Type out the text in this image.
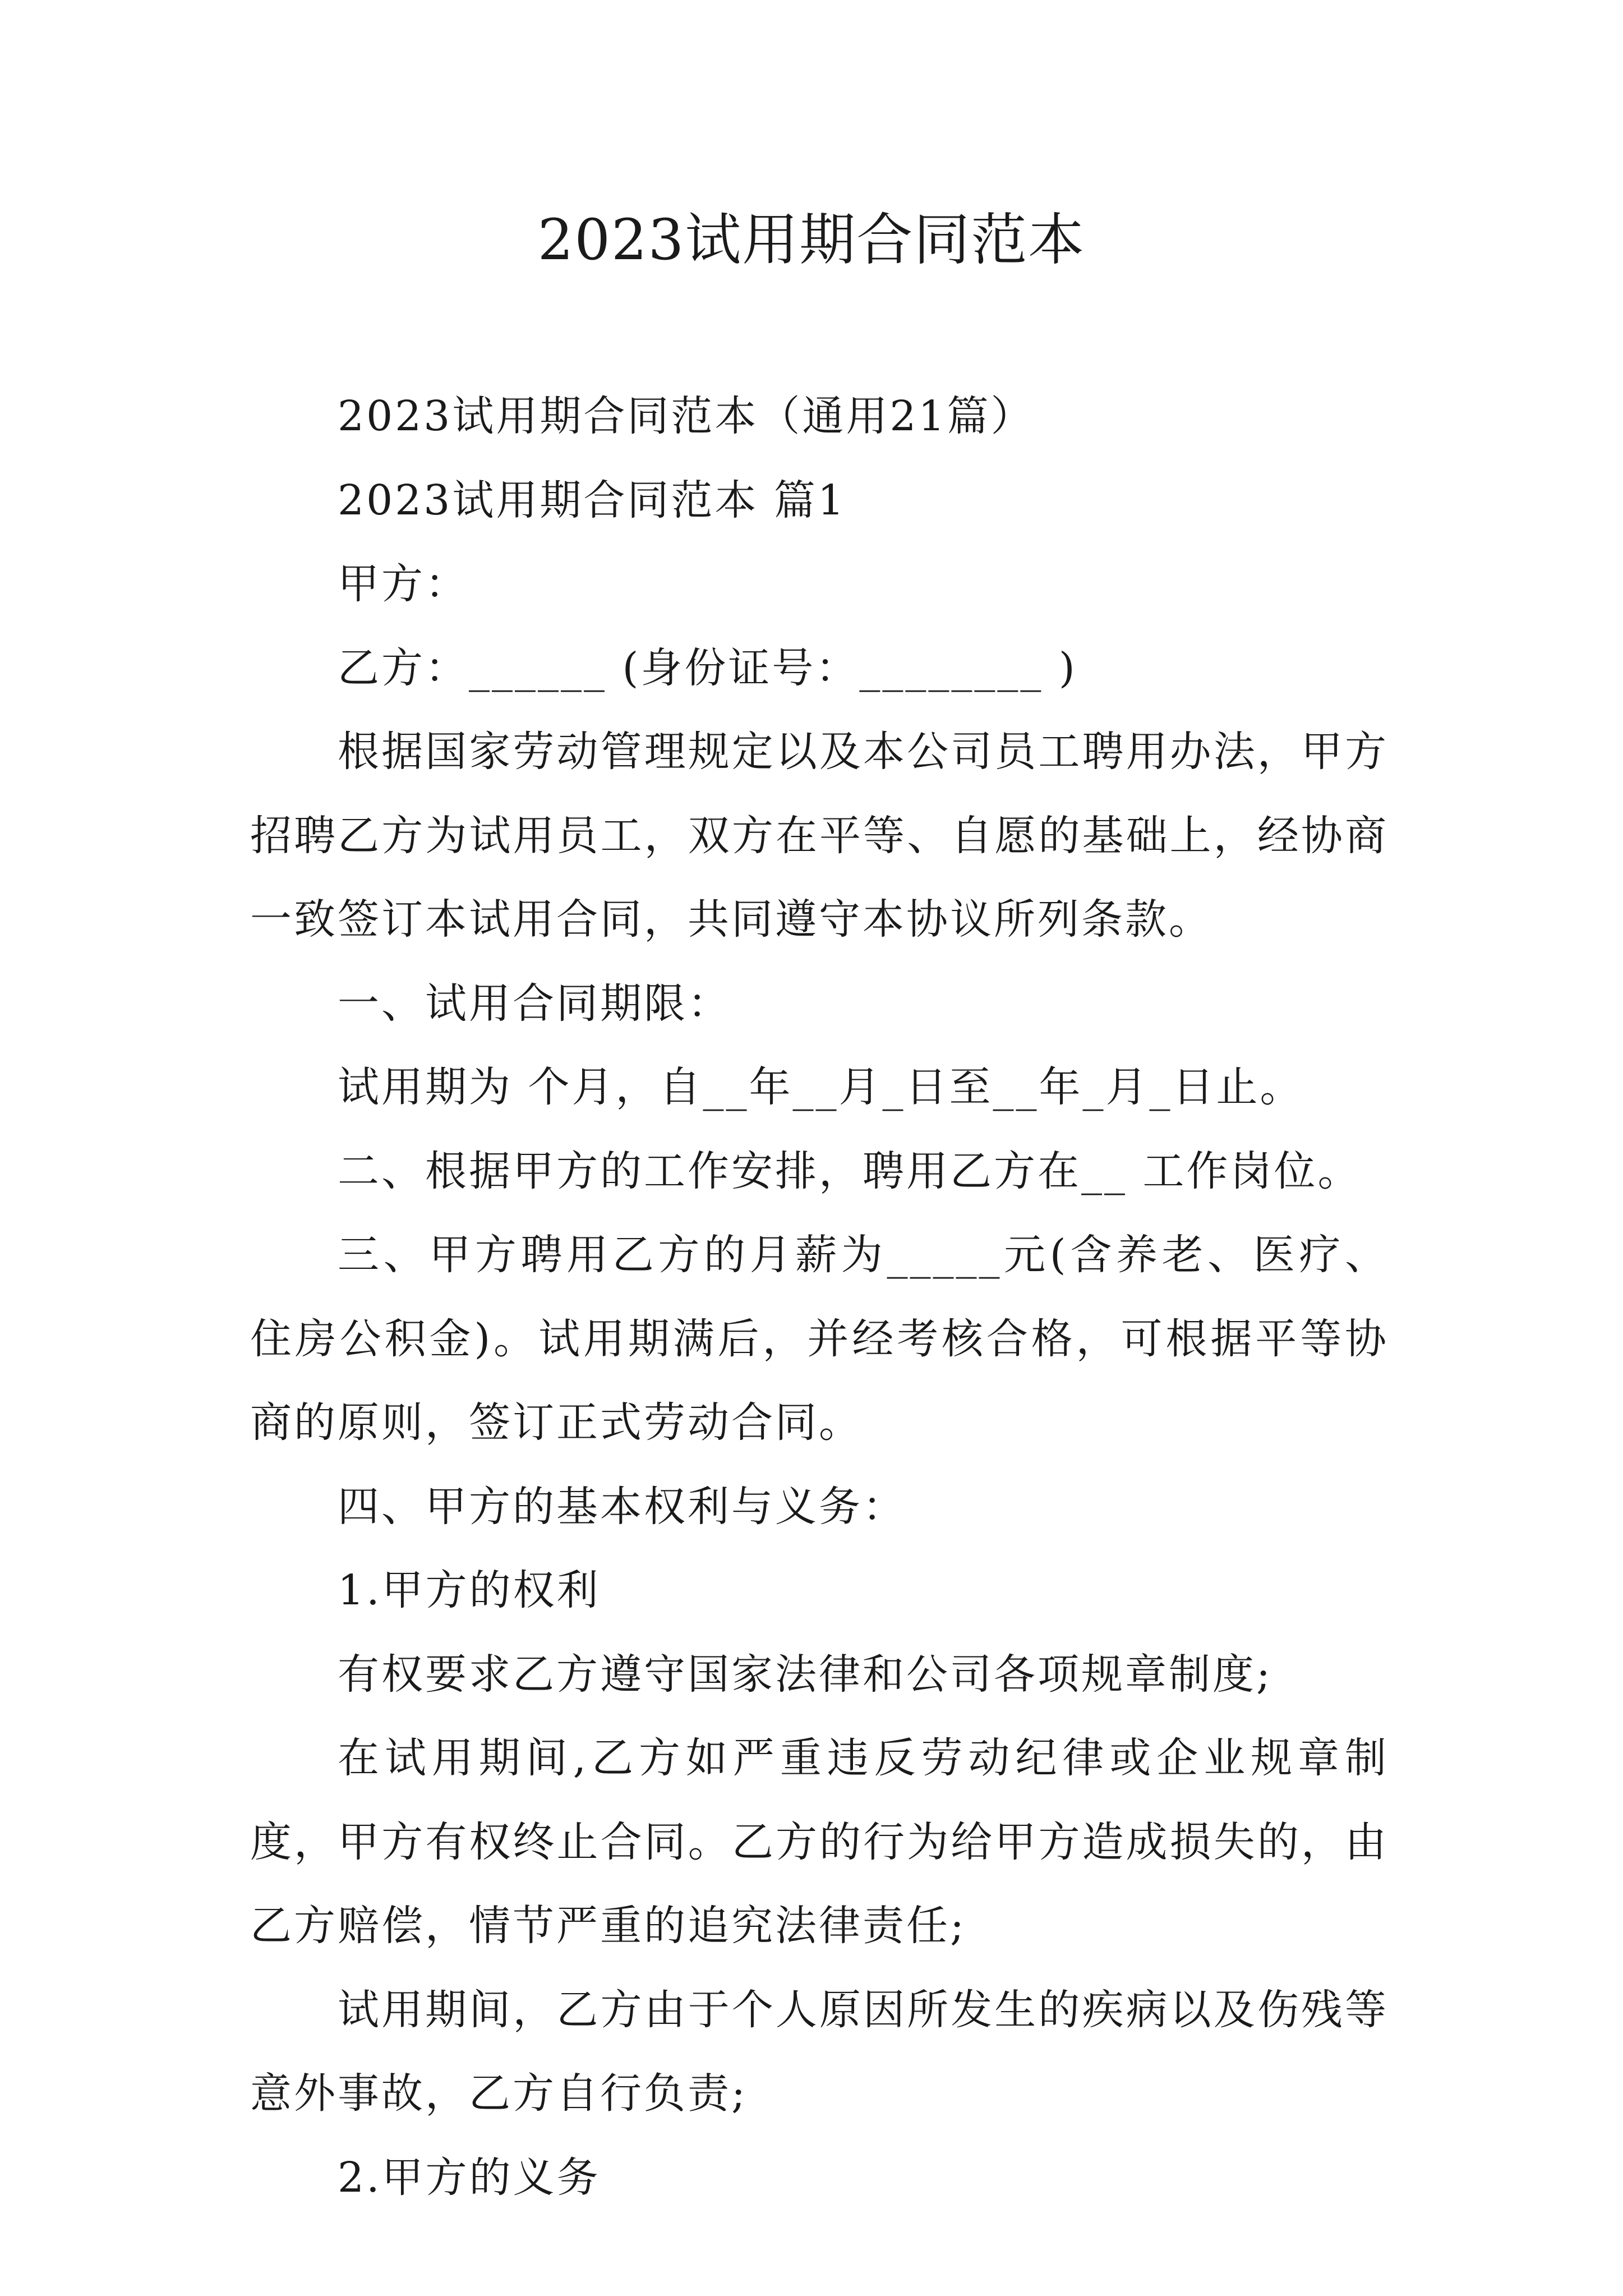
2023试用期合同范本

2023试用期合同范本（通用21篇）

2023试用期合同范本 篇1

甲方：

乙方：______ (身份证号：________ )

根据国家劳动管理规定以及本公司员工聘用办法，甲方招聘乙方为试用员工，双方在平等、自愿的基础上，经协商一致签订本试用合同，共同遵守本协议所列条款。

一、试用合同期限：

试用期为 个月，自__年__月_日至__年_月_日止。

二、根据甲方的工作安排，聘用乙方在__ 工作岗位。

三、甲方聘用乙方的月薪为_____元(含养老、医疗、住房公积金)。试用期满后，并经考核合格，可根据平等协商的原则，签订正式劳动合同。

四、甲方的基本权利与义务：

1.甲方的权利

有权要求乙方遵守国家法律和公司各项规章制度;

在试用期间,乙方如严重违反劳动纪律或企业规章制度，甲方有权终止合同。乙方的行为给甲方造成损失的，由乙方赔偿，情节严重的追究法律责任;

试用期间，乙方由于个人原因所发生的疾病以及伤残等意外事故，乙方自行负责;

2.甲方的义务
